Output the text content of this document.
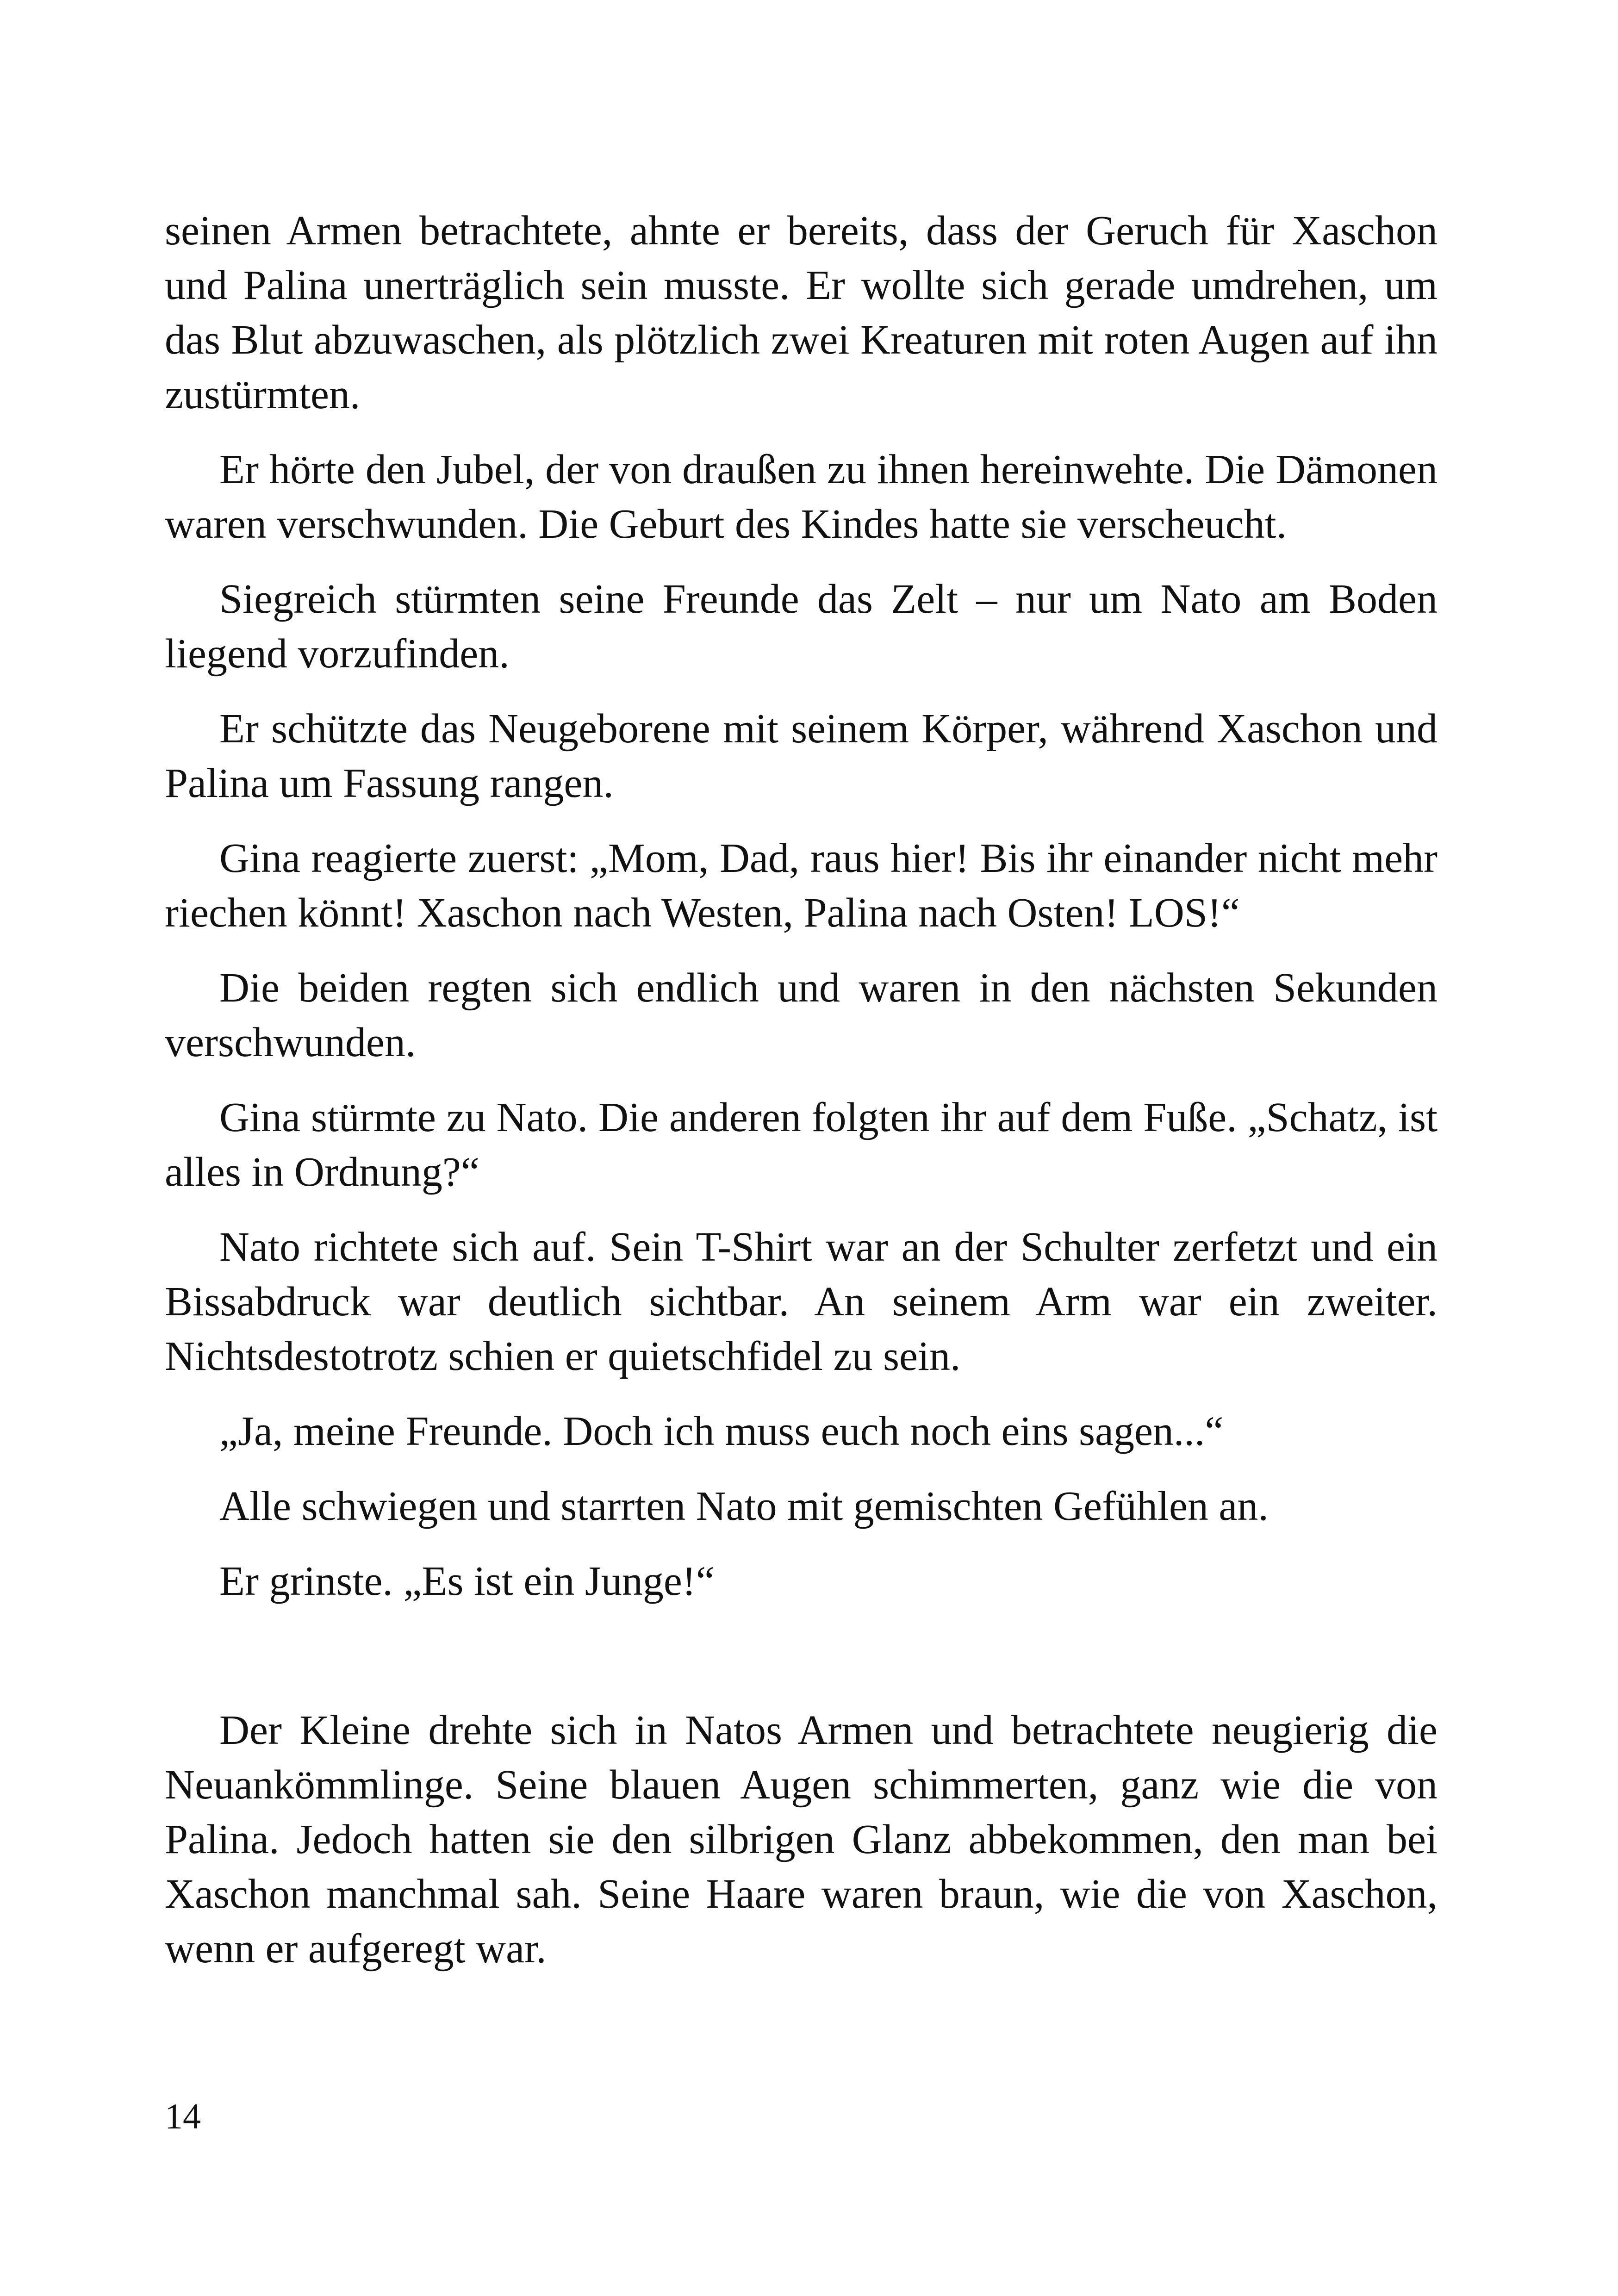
seinen Armen betrachtete, ahnte er bereits, dass der Geruch für Xaschon und Palina unerträglich sein musste. Er wollte sich gerade umdrehen, um das Blut abzuwaschen, als plötzlich zwei Kreaturen mit roten Augen auf ihn zustürmten.

Er hörte den Jubel, der von draußen zu ihnen hereinwehte. Die Dämonen waren verschwunden. Die Geburt des Kindes hatte sie verscheucht.

Siegreich stürmten seine Freunde das Zelt – nur um Nato am Boden liegend vorzufinden.

Er schützte das Neugeborene mit seinem Körper, während Xaschon und Palina um Fassung rangen.

Gina reagierte zuerst: „Mom, Dad, raus hier! Bis ihr einander nicht mehr riechen könnt! Xaschon nach Westen, Palina nach Osten! LOS!“

Die beiden regten sich endlich und waren in den nächsten Sekunden verschwunden.

Gina stürmte zu Nato. Die anderen folgten ihr auf dem Fuße. „Schatz, ist alles in Ordnung?“

Nato richtete sich auf. Sein T-Shirt war an der Schulter zerfetzt und ein Bissabdruck war deutlich sichtbar. An seinem Arm war ein zweiter. Nichtsdestotrotz schien er quietschfidel zu sein.

„Ja, meine Freunde. Doch ich muss euch noch eins sagen...“

Alle schwiegen und starrten Nato mit gemischten Gefühlen an.

Er grinste. „Es ist ein Junge!“

Der Kleine drehte sich in Natos Armen und betrachtete neugierig die Neuankömmlinge. Seine blauen Augen schimmerten, ganz wie die von Palina. Jedoch hatten sie den silbrigen Glanz abbekommen, den man bei Xaschon manchmal sah. Seine Haare waren braun, wie die von Xaschon, wenn er aufgeregt war.

14
